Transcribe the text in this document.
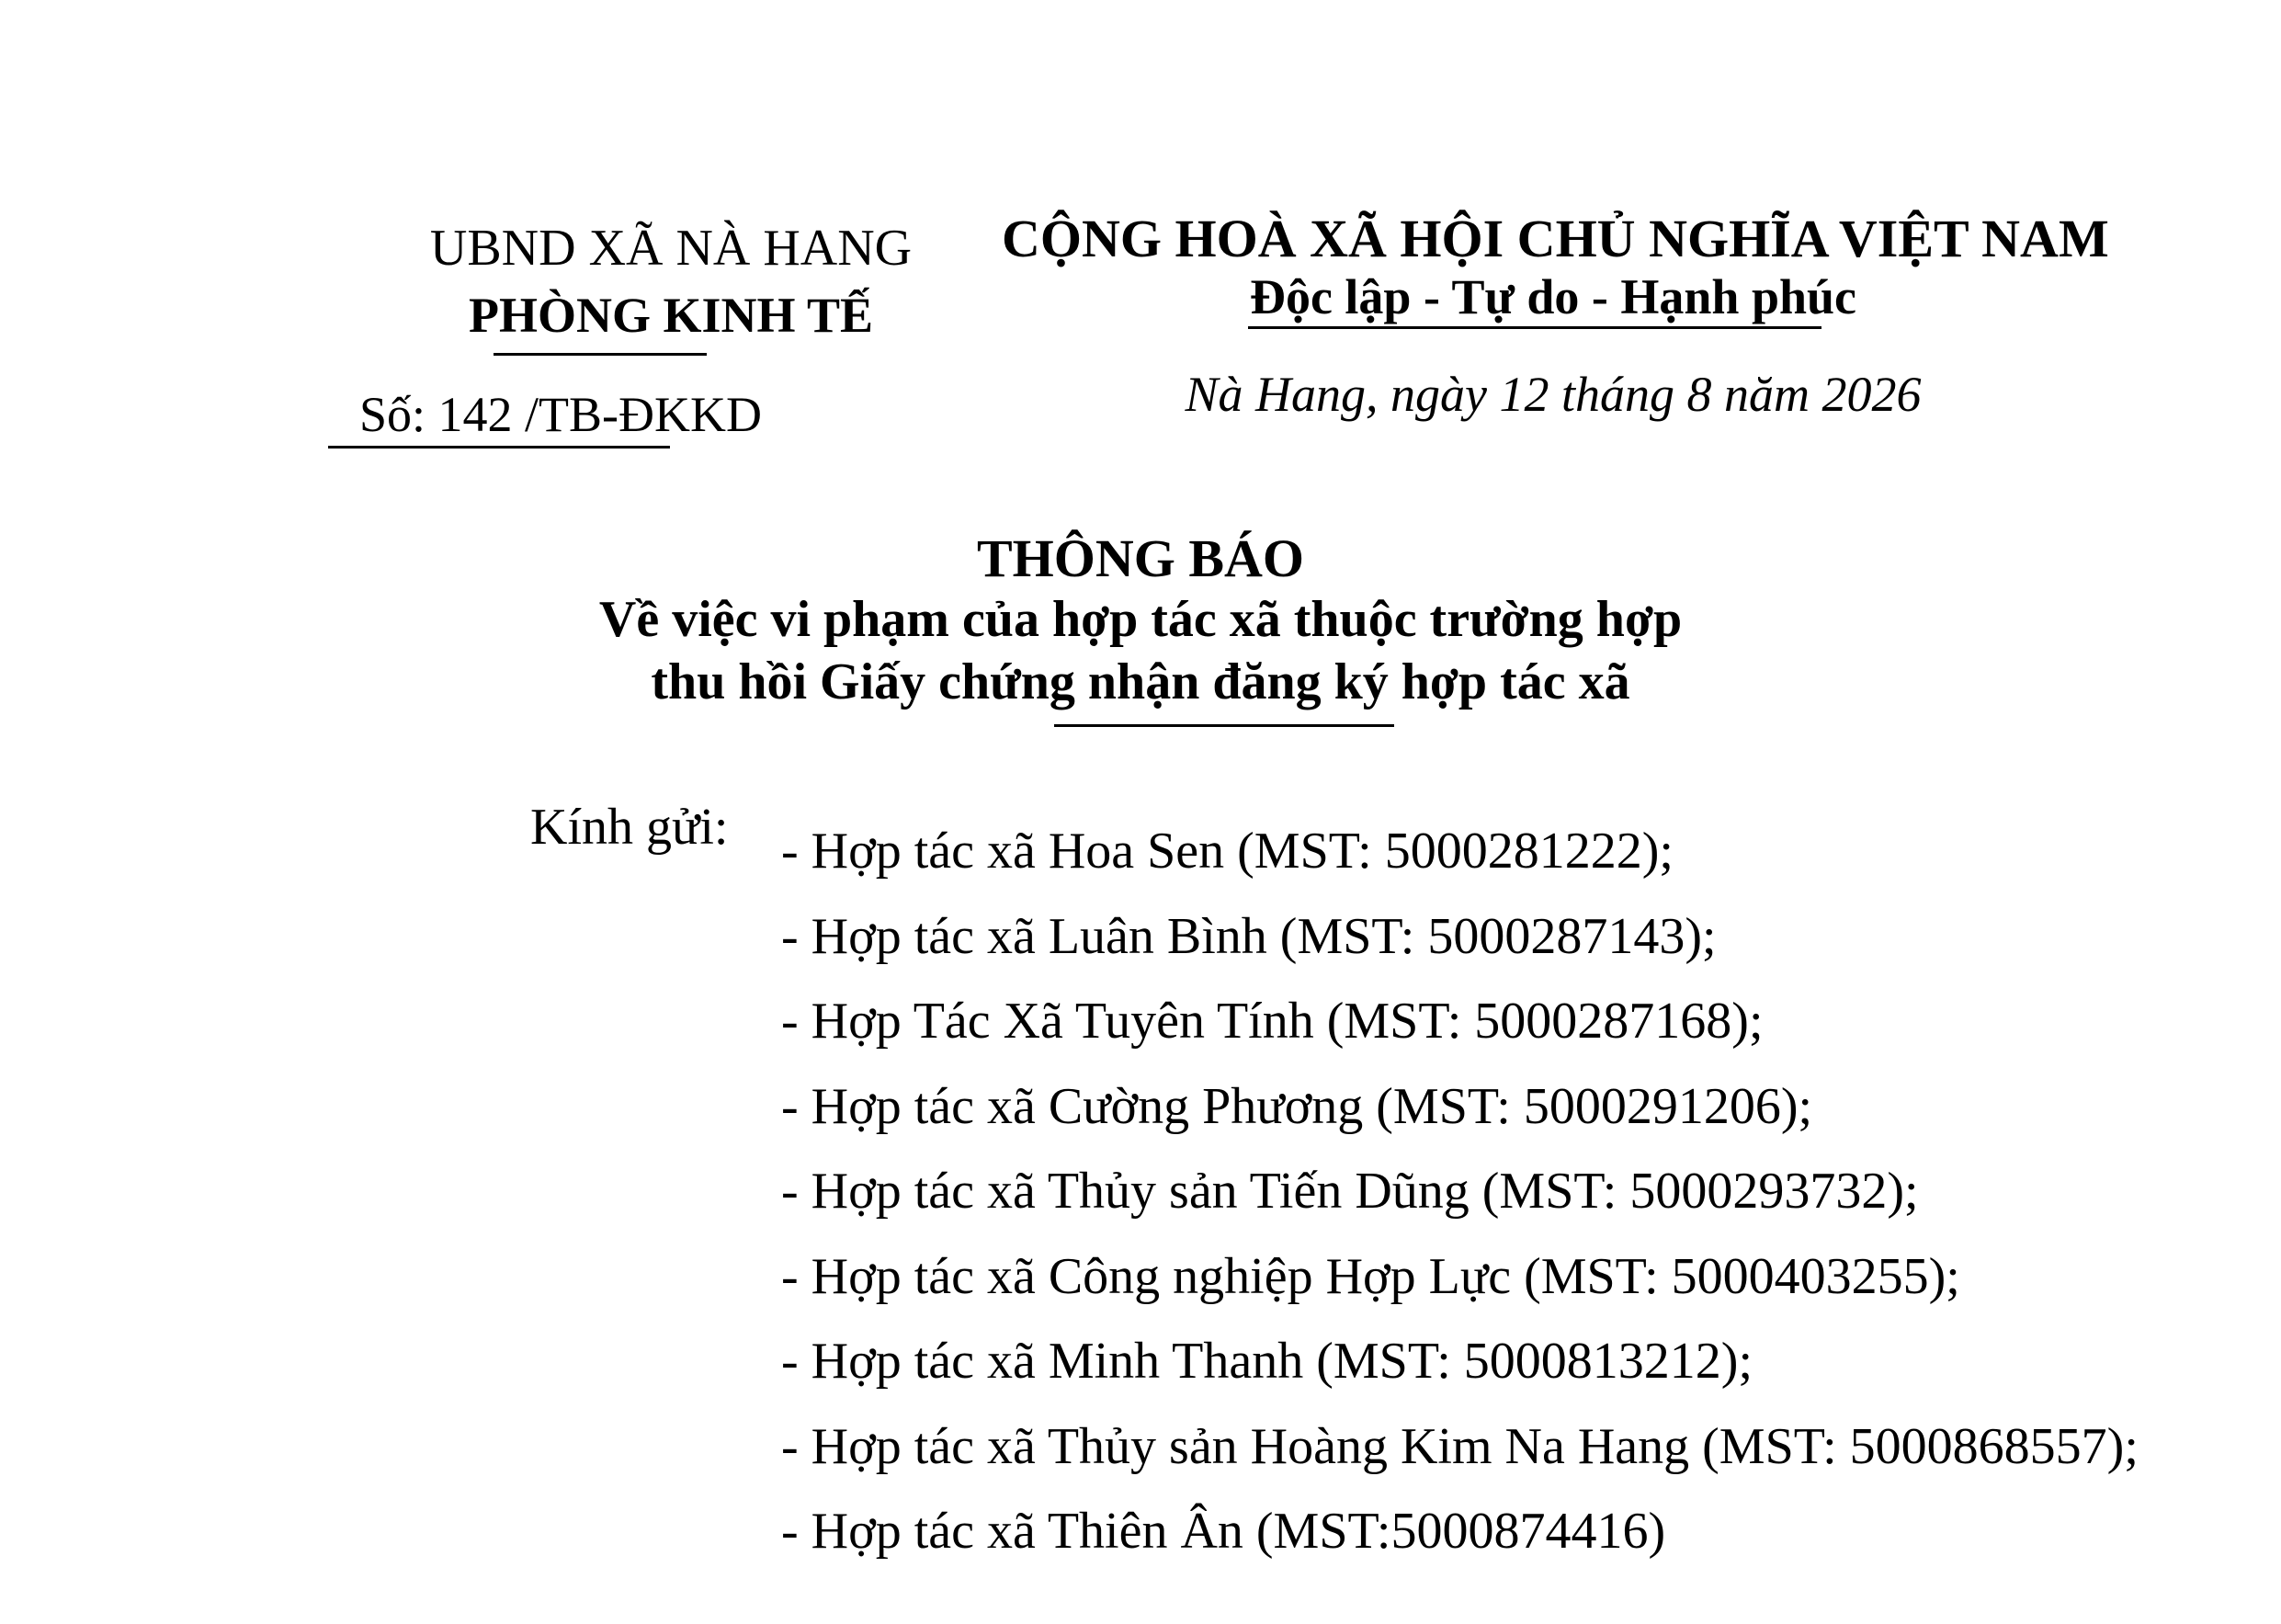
UBND XÃ NÀ HANG
PHÒNG KINH TẾ
Số: 142 /TB-ĐKKD
CỘNG HOÀ XÃ HỘI CHỦ NGHĨA VIỆT NAM
Độc lập - Tự do - Hạnh phúc
Nà Hang, ngày 12 tháng 8 năm 2026
THÔNG BÁO
Về việc vi phạm của hợp tác xã thuộc trường hợp
thu hồi Giấy chứng nhận đăng ký hợp tác xã
Kính gửi: - Hợp tác xã Hoa Sen (MST: 5000281222);
- Hợp tác xã Luân Bình (MST: 5000287143);
- Hợp Tác Xã Tuyên Tính (MST: 5000287168);
- Hợp tác xã Cường Phương (MST: 5000291206);
- Hợp tác xã Thủy sản Tiến Dũng (MST: 5000293732);
- Hợp tác xã Công nghiệp Hợp Lực (MST: 5000403255);
- Hợp tác xã Minh Thanh (MST: 5000813212);
- Hợp tác xã Thủy sản Hoàng Kim Na Hang (MST: 5000868557);
- Hợp tác xã Thiên Ân (MST:5000874416)
